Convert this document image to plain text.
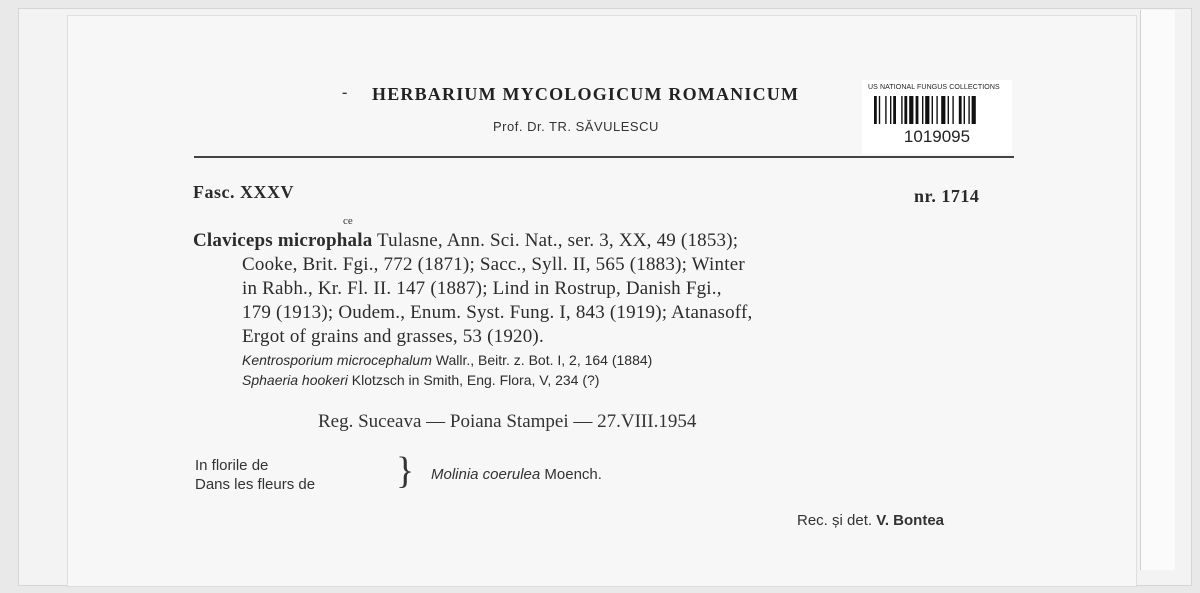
- HERBARIUM MYCOLOGICUM ROMANICUM
Prof. Dr. TR. SĂVULESCU
US NATIONAL FUNGUS COLLECTIONS
1019095
Fasc. XXXV	nr. 1714
Claviceps microphala Tulasne, Ann. Sci. Nat., ser. 3, XX, 49 (1853);
ce
Cooke, Brit. Fgi., 772 (1871); Sacc., Syll. II, 565 (1883); Winter
in Rabh., Kr. Fl. II. 147 (1887); Lind in Rostrup, Danish Fgi.,
179 (1913); Oudem., Enum. Syst. Fung. I, 843 (1919); Atanasoff,
Ergot of grains and grasses, 53 (1920).
Kentrosporium microcephalum Wallr., Beitr. z. Bot. I, 2, 164 (1884)
Sphaeria hookeri Klotzsch in Smith, Eng. Flora, V, 234 (?)
Reg. Suceava — Poiana Stampei — 27.VIII.1954
In florile de
Dans les fleurs de } Molinia coerulea Moench.
Rec. și det. V. Bontea
